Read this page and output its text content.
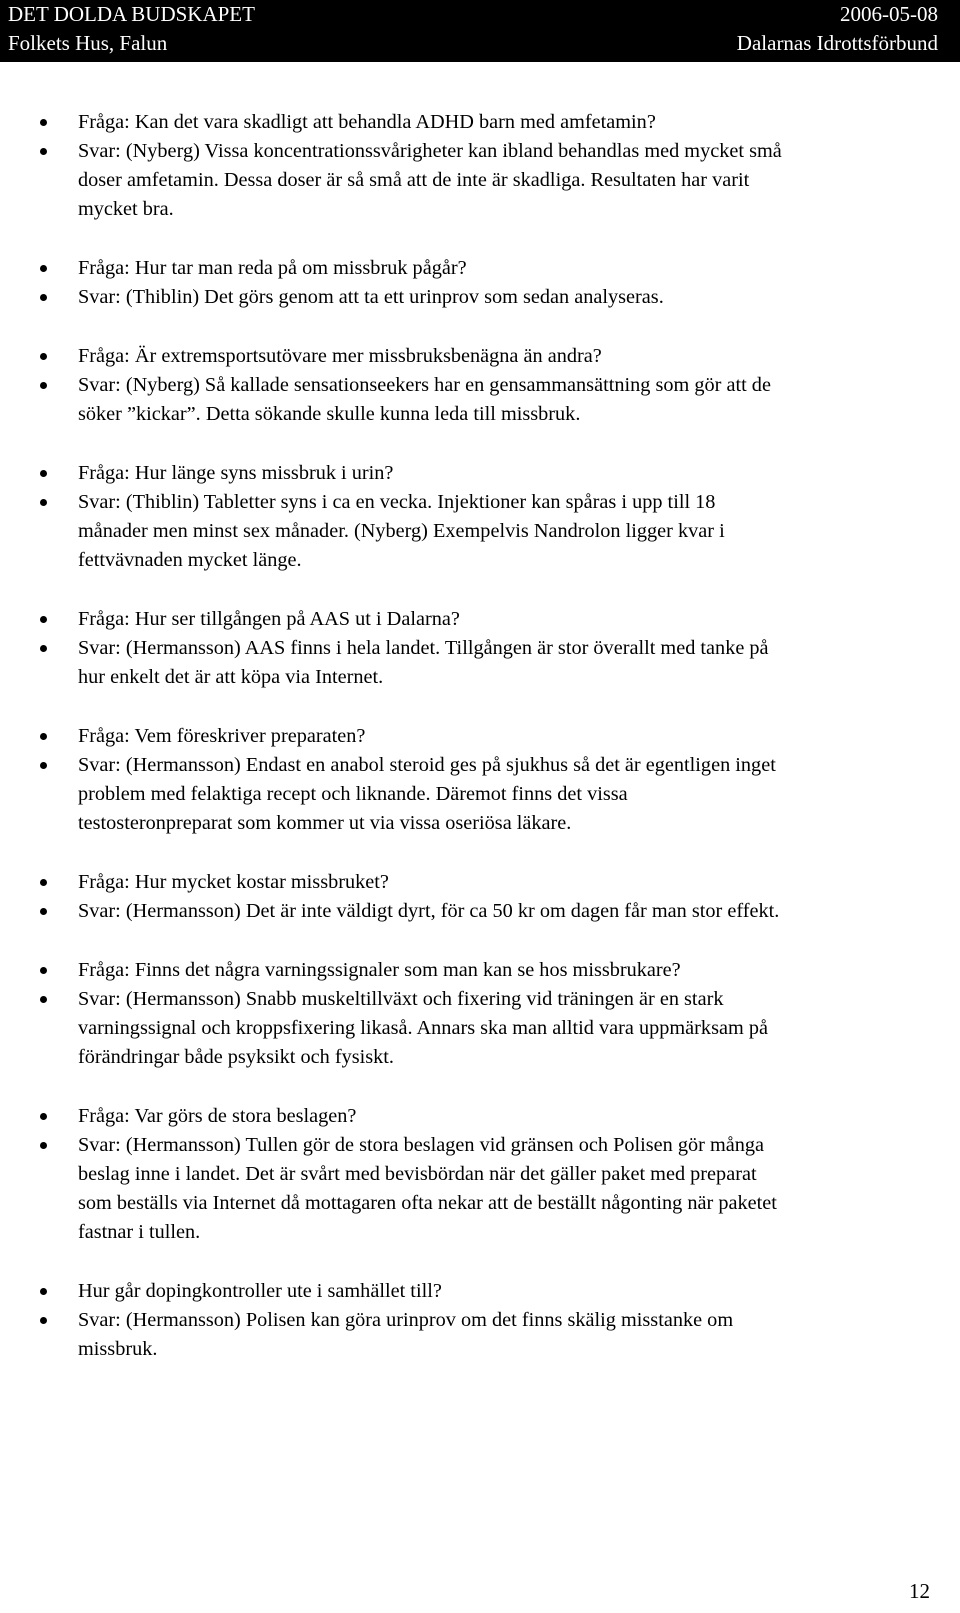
DET DOLDA BUDSKAPET	2006-05-08
Folkets Hus, Falun	Dalarnas Idrottsförbund
Fråga: Kan det vara skadligt att behandla ADHD barn med amfetamin?
Svar: (Nyberg) Vissa koncentrationssvårigheter kan ibland behandlas med mycket små
doser amfetamin. Dessa doser är så små att de inte är skadliga. Resultaten har varit
mycket bra.
Fråga: Hur tar man reda på om missbruk pågår?
Svar: (Thiblin) Det görs genom att ta ett urinprov som sedan analyseras.
Fråga: Är extremsportsutövare mer missbruksbenägna än andra?
Svar: (Nyberg) Så kallade sensationseekers har en gensammansättning som gör att de
söker ”kickar”. Detta sökande skulle kunna leda till missbruk.
Fråga: Hur länge syns missbruk i urin?
Svar: (Thiblin) Tabletter syns i ca en vecka. Injektioner kan spåras i upp till 18
månader men minst sex månader. (Nyberg) Exempelvis Nandrolon ligger kvar i
fettvävnaden mycket länge.
Fråga: Hur ser tillgången på AAS ut i Dalarna?
Svar: (Hermansson) AAS finns i hela landet. Tillgången är stor överallt med tanke på
hur enkelt det är att köpa via Internet.
Fråga: Vem föreskriver preparaten?
Svar: (Hermansson) Endast en anabol steroid ges på sjukhus så det är egentligen inget
problem med felaktiga recept och liknande. Däremot finns det vissa
testosteronpreparat som kommer ut via vissa oseriösa läkare.
Fråga: Hur mycket kostar missbruket?
Svar: (Hermansson) Det är inte väldigt dyrt, för ca 50 kr om dagen får man stor effekt.
Fråga: Finns det några varningssignaler som man kan se hos missbrukare?
Svar: (Hermansson) Snabb muskeltillväxt och fixering vid träningen är en stark
varningssignal och kroppsfixering likaså. Annars ska man alltid vara uppmärksam på
förändringar både psyksikt och fysiskt.
Fråga: Var görs de stora beslagen?
Svar: (Hermansson) Tullen gör de stora beslagen vid gränsen och Polisen gör många
beslag inne i landet. Det är svårt med bevisbördan när det gäller paket med preparat
som beställs via Internet då mottagaren ofta nekar att de beställt någonting när paketet
fastnar i tullen.
Hur går dopingkontroller ute i samhället till?
Svar: (Hermansson) Polisen kan göra urinprov om det finns skälig misstanke om
missbruk.
12
